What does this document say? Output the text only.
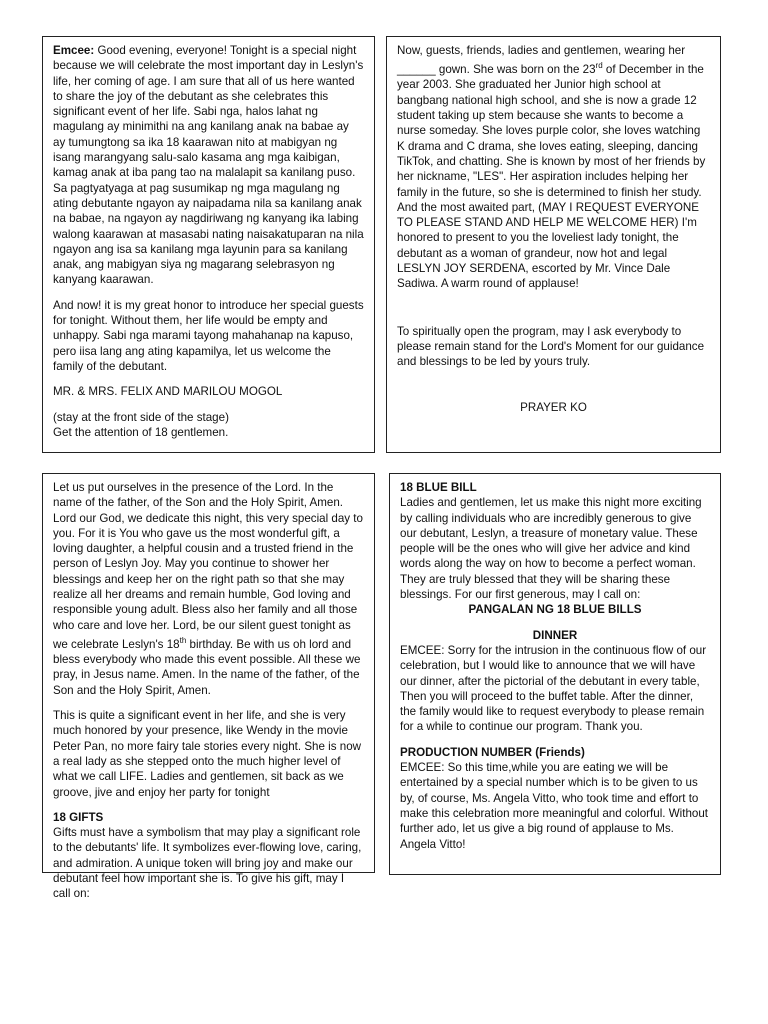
Emcee: Good evening, everyone! Tonight is a special night because we will celebrate the most important day in Leslyn's life, her coming of age. I am sure that all of us here wanted to share the joy of the debutant as she celebrates this significant event of her life. Sabi nga, halos lahat ng magulang ay minimithi na ang kanilang anak na babae ay ay tumungtong sa ika 18 kaarawan nito at mabigyan ng isang marangyang salu-salo kasama ang mga kaibigan, kamag anak at iba pang tao na malalapit sa kanilang puso. Sa pagtyatyaga at pag susumikap ng mga magulang ng ating debutante ngayon ay naipadama nila sa kanilang anak na babae, na ngayon ay nagdiriwang ng kanyang ika labing walong kaarawan at masasabi nating naisakatuparan na nila ngayon ang isa sa kanilang mga layunin para sa kanilang anak, ang mabigyan siya ng magarang selebrasyon ng kanyang kaarawan.

And now! it is my great honor to introduce her special guests for tonight. Without them, her life would be empty and unhappy. Sabi nga marami tayong mahahanap na kapuso, pero iisa lang ang ating kapamilya, let us welcome the family of the debutant.

MR. & MRS. FELIX AND MARILOU MOGOL

(stay at the front side of the stage)

Get the attention of 18 gentlemen.

Now, guests, friends, ladies and gentlemen, wearing her ______ gown. She was born on the 23rd of December in the year 2003. She graduated her Junior high school at bangbang national high school, and she is now a grade 12 student taking up stem because she wants to become a nurse someday. She loves purple color, she loves watching K drama and C drama, she loves eating, sleeping, dancing TikTok, and chatting. She is known by most of her friends by her nickname, "LES". Her aspiration includes helping her family in the future, so she is determined to finish her study. And the most awaited part, (MAY I REQUEST EVERYONE TO PLEASE STAND AND HELP ME WELCOME HER) I'm honored to present to you the loveliest lady tonight, the debutant as a woman of grandeur, now hot and legal LESLYN JOY SERDENA, escorted by Mr. Vince Dale Sadiwa. A warm round of applause!

To spiritually open the program, may I ask everybody to please remain stand for the Lord's Moment for our guidance and blessings to be led by yours truly.

PRAYER KO

Let us put ourselves in the presence of the Lord. In the name of the father, of the Son and the Holy Spirit, Amen. Lord our God, we dedicate this night, this very special day to you. For it is You who gave us the most wonderful gift, a loving daughter, a helpful cousin and a trusted friend in the person of Leslyn Joy. May you continue to shower her blessings and keep her on the right path so that she may realize all her dreams and remain humble, God loving and responsible young adult. Bless also her family and all those who care and love her. Lord, be our silent guest tonight as we celebrate Leslyn's 18th birthday. Be with us oh lord and bless everybody who made this event possible. All these we pray, in Jesus name. Amen. In the name of the father, of the Son and the Holy Spirit, Amen.

This is quite a significant event in her life, and she is very much honored by your presence, like Wendy in the movie Peter Pan, no more fairy tale stories every night. She is now a real lady as she stepped onto the much higher level of what we call LIFE. Ladies and gentlemen, sit back as we groove, jive and enjoy her party for tonight

18 GIFTS

Gifts must have a symbolism that may play a significant role to the debutants' life. It symbolizes ever-flowing love, caring, and admiration. A unique token will bring joy and make our debutant feel how important she is. To give his gift, may I call on:

18 BLUE BILL

Ladies and gentlemen, let us make this night more exciting by calling individuals who are incredibly generous to give our debutant, Leslyn, a treasure of monetary value. These people will be the ones who will give her advice and kind words along the way on how to become a perfect woman. They are truly blessed that they will be sharing these blessings. For our first generous, may I call on:

PANGALAN NG 18 BLUE BILLS

DINNER

EMCEE: Sorry for the intrusion in the continuous flow of our celebration, but I would like to announce that we will have our dinner, after the pictorial of the debutant in every table, Then you will proceed to the buffet table. After the dinner, the family would like to request everybody to please remain for a while to continue our program. Thank you.

PRODUCTION NUMBER (Friends)

EMCEE: So this time,while you are eating we will be entertained by a special number which is to be given to us by, of course, Ms. Angela Vitto, who took time and effort to make this celebration more meaningful and colorful. Without further ado, let us give a big round of applause to Ms. Angela Vitto!
